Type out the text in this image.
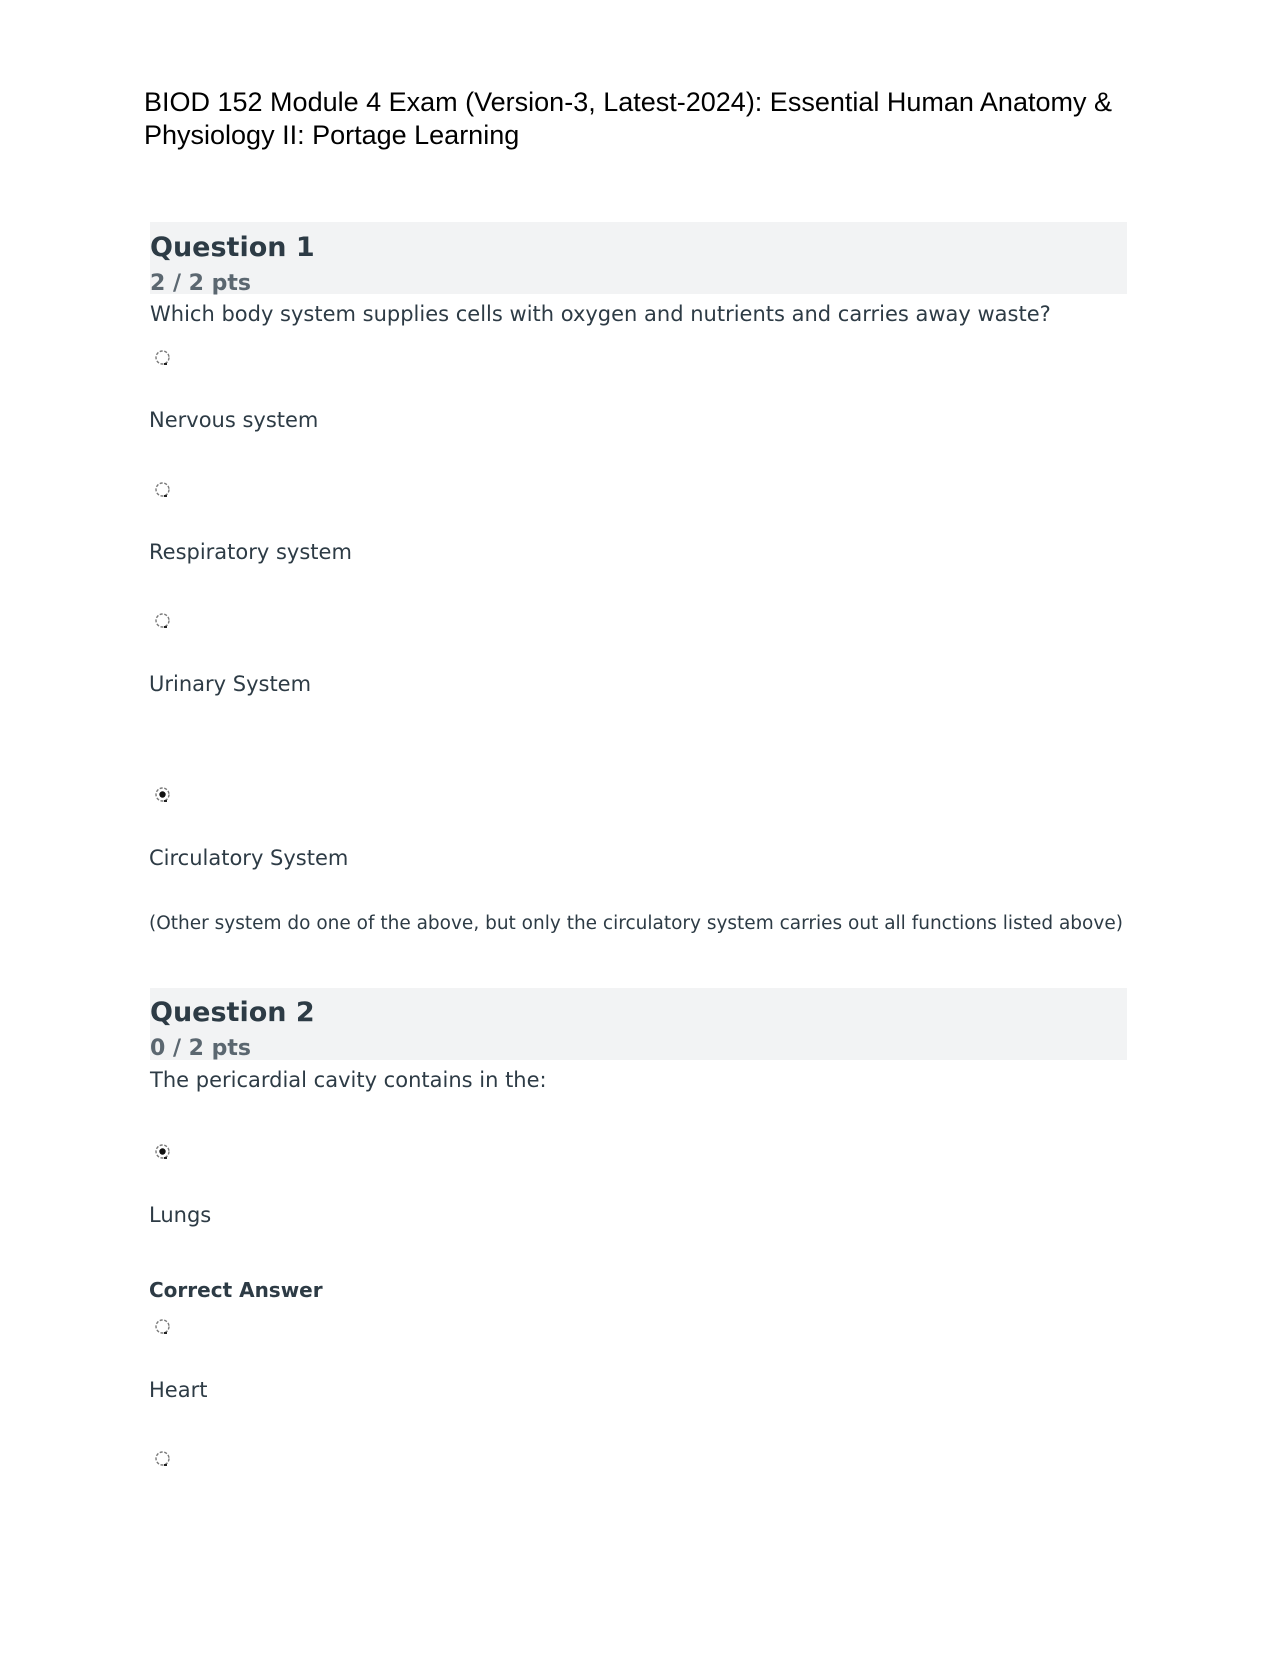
BIOD 152 Module 4 Exam (Version-3, Latest-2024): Essential Human Anatomy & Physiology II: Portage Learning
Question 1
2 / 2 pts
Which body system supplies cells with oxygen and nutrients and carries away waste?
Nervous system
Respiratory system
Urinary System
Circulatory System
(Other system do one of the above, but only the circulatory system carries out all functions listed above)
Question 2
0 / 2 pts
The pericardial cavity contains in the:
Lungs
Correct Answer
Heart
